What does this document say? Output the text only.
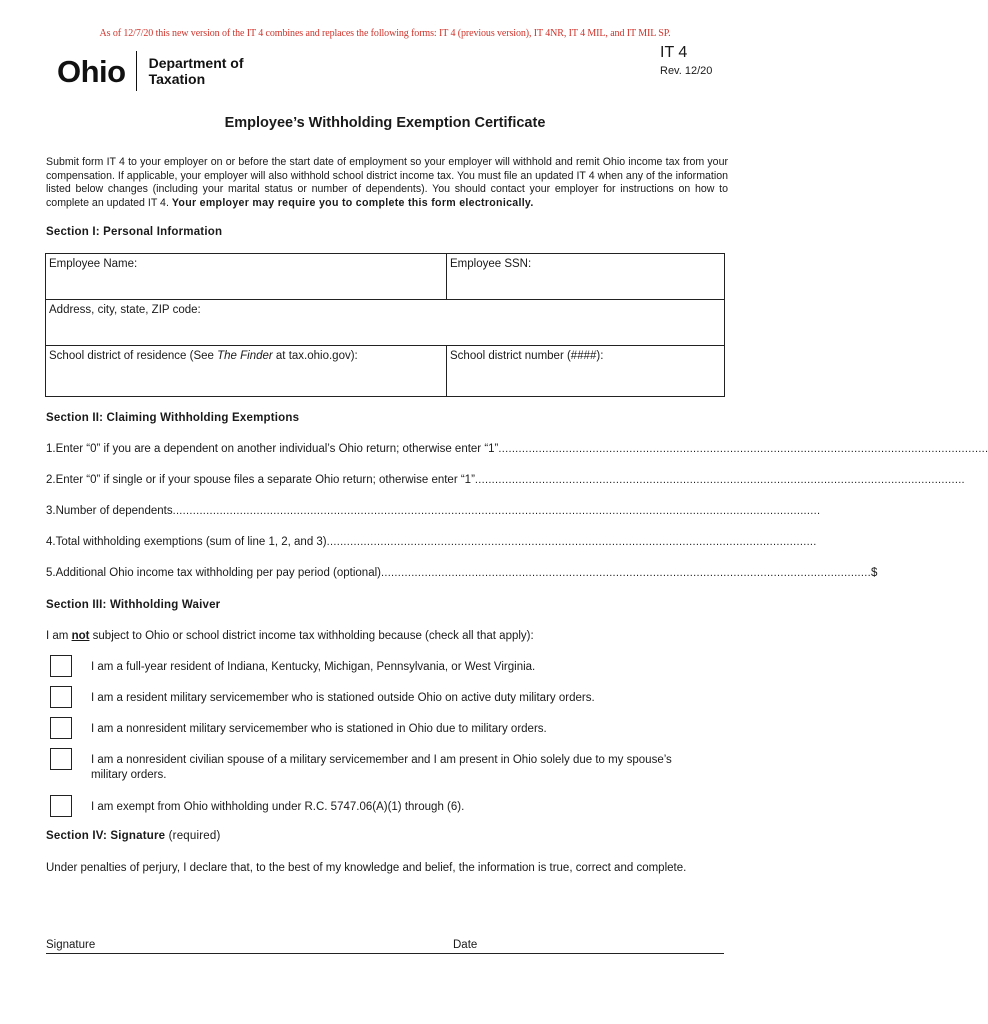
As of 12/7/20 this new version of the IT 4 combines and replaces the following forms: IT 4 (previous version), IT 4NR, IT 4 MIL, and IT MIL SP.
Ohio Department of
Taxation
IT 4
Rev. 12/20
Employee’s Withholding Exemption Certificate
Submit form IT 4 to your employer on or before the start date of employment so your employer will withhold and remit Ohio income tax from your compensation. If applicable, your employer will also withhold school district income tax. You must file an updated IT 4 when any of the information listed below changes (including your marital status or number of dependents). You should contact your employer for instructions on how to complete an updated IT 4. Your employer may require you to complete this form electronically.
Section I: Personal Information
Employee Name:	Employee SSN:
Address, city, state, ZIP code:
School district of residence (See The Finder at tax.ohio.gov):	School district number (####):
Section II: Claiming Withholding Exemptions
1. Enter “0” if you are a dependent on another individual’s Ohio return; otherwise enter “1” ..................................................................................................................................................
2. Enter “0” if single or if your spouse files a separate Ohio return; otherwise enter “1” ..................................................................................................................................................
3. Number of dependents .................................................................................................................................................................................................
4. Total withholding exemptions (sum of line 1, 2, and 3) ..................................................................................................................................................
5. Additional Ohio income tax withholding per pay period (optional) .................................................................................................................................................. $
Section III: Withholding Waiver
I am not subject to Ohio or school district income tax withholding because (check all that apply):
I am a full-year resident of Indiana, Kentucky, Michigan, Pennsylvania, or West Virginia.
I am a resident military servicemember who is stationed outside Ohio on active duty military orders.
I am a nonresident military servicemember who is stationed in Ohio due to military orders.
I am a nonresident civilian spouse of a military servicemember and I am present in Ohio solely due to my spouse’s military orders.
I am exempt from Ohio withholding under R.C. 5747.06(A)(1) through (6).
Section IV: Signature (required)
Under penalties of perjury, I declare that, to the best of my knowledge and belief, the information is true, correct and complete.
Signature	Date
